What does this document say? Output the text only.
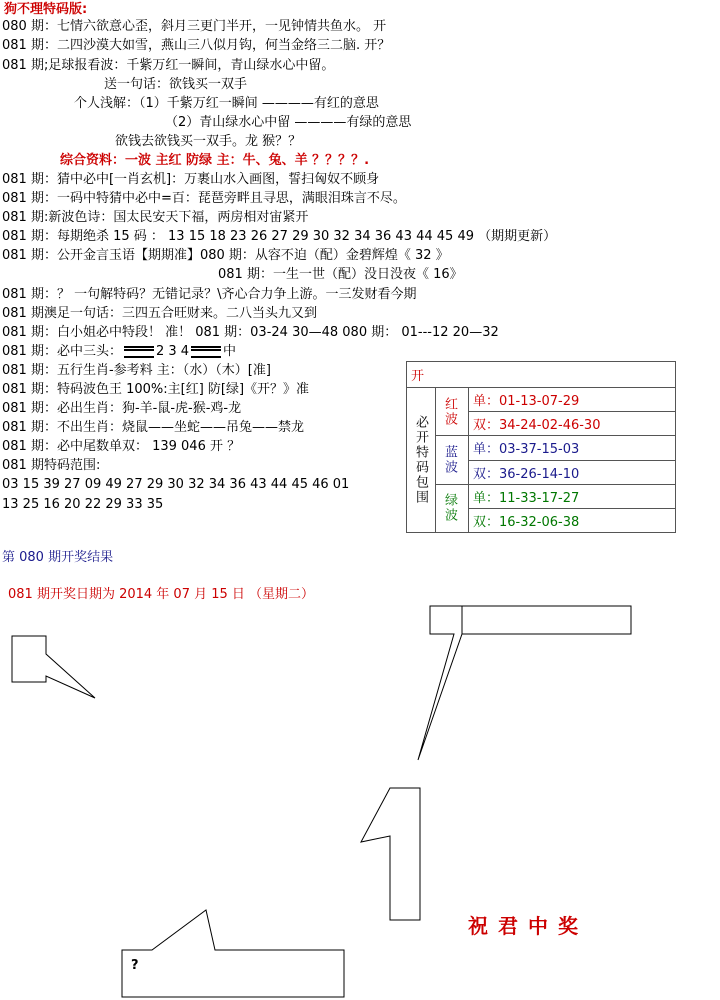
狗不理特码版:
080 期：七情六欲意心歪，斜月三更门半开，一见钟情共鱼水。 开
081 期：二四沙漠大如雪，燕山三八似月钩，何当金络三二脑. 开？
081 期;足球报看波：千紫万红一瞬间，青山绿水心中留。
送一句话：欲钱买一双手
个人浅解：（1）千紫万红一瞬间 ————有红的意思
（2）青山绿水心中留 ————有绿的意思
欲钱去欲钱买一双手。龙 猴？？
综合资料：一波 主红 防绿 主：牛、兔、羊 ？？？？.
081 期：猜中必中[一肖玄机]：万裹山水入画图，誓扫匈奴不顾身
081 期：一码中特猜中必中=百：琵琶旁畔且寻思，满眼泪珠言不尽。
081 期:新波色诗：国太民安天下福，两房相对宙紧开
081 期：每期绝杀 15 码 ： 13 15 18 23 26 27 29 30 32 34 36 43 44 45 49 （期期更新）
081 期：公开金言玉语【期期准】080 期：从容不迫（配）金碧辉煌《 32 》
081 期：一生一世（配）没日没夜《 16》
081 期：？ 一句解特码？无错记录？\齐心合力争上游。一三发财看今期
081 期澳足一句话：三四五合旺财来。二八当头九又到
081 期：白小姐必中特段！ 准！ 081 期：03-24 30—48 080 期： 01---12 20—32
081 期：必中三头：	2 3 4	中
081 期：五行生肖-参考料 主：（水）（木）[准]
081 期：特码波色王 100%:主[红] 防[绿]《开？》准
081 期：必出生肖：狗-羊-鼠-虎-猴-鸡-龙
081 期：不出生肖：烧鼠——坐蛇——吊兔——禁龙
081 期：必中尾数单双： 139 046 开 ？
081 期特码范围:
03 15 39 27 09 49 27 29 30 32 34 36 43 44 45 46 01
13 25 16 20 22 29 33 35
开		

必开特码包围	红波	单：01-13-07-29
		双：34-24-02-46-30

	蓝波	单：03-37-15-03
		双：36-26-14-10

	绿波	单：11-33-17-27
		双：16-32-06-38
第 080 期开奖结果
081 期开奖日期为 2014 年 07 月 15 日 （星期二）
?
祝君中奖
